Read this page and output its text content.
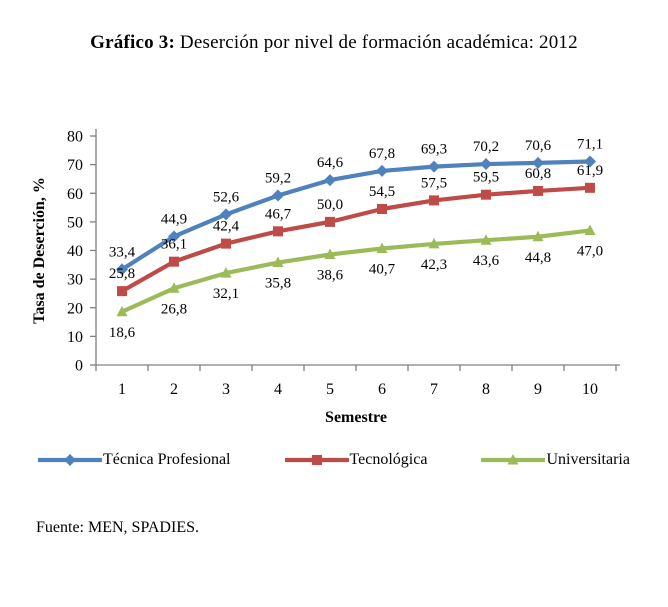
Gráfico 3: Deserción por nivel de formación académica: 2012
0
10
20
30
40
50
60
70
80
1	2	3	4	5	6	7	8	9	10
Semestre
Tasa de Deserción, %	33,4
44,9
52,6
59,2
64,6
67,8 69,3 70,2 70,6 71,1
25,8
36,1
42,4
46,7
50,0
54,5
57,5 59,5 60,8 61,9
18,6
26,8
32,1
35,8
38,6 40,7 42,3 43,6 44,8 47,0
Técnica Profesional	Tecnológica	Universitaria
Fuente: MEN, SPADIES.
